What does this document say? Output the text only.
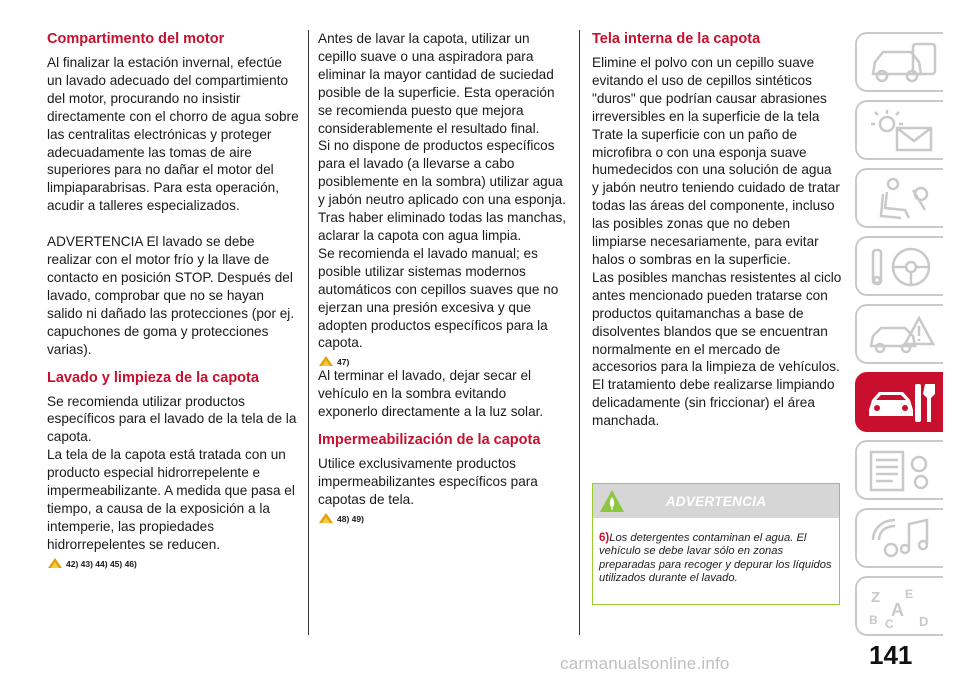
Compartimento del motor

Al finalizar la estación invernal, efectúe un lavado adecuado del compartimiento del motor, procurando no insistir directamente con el chorro de agua sobre las centralitas electrónicas y proteger adecuadamente las tomas de aire superiores para no dañar el motor del limpiaparabrisas. Para esta operación, acudir a talleres especializados.

ADVERTENCIA El lavado se debe realizar con el motor frío y la llave de contacto en posición STOP. Después del lavado, comprobar que no se hayan salido ni dañado las protecciones (por ej. capuchones de goma y protecciones varias).

Lavado y limpieza de la capota

Se recomienda utilizar productos específicos para el lavado de la tela de la capota.

La tela de la capota está tratada con un producto especial hidrorrepelente e impermeabilizante. A medida que pasa el tiempo, a causa de la exposición a la intemperie, las propiedades hidrorrepelentes se reducen.

42) 43) 44) 45) 46)

Antes de lavar la capota, utilizar un cepillo suave o una aspiradora para eliminar la mayor cantidad de suciedad posible de la superficie. Esta operación se recomienda puesto que mejora considerablemente el resultado final.

Si no dispone de productos específicos para el lavado (a llevarse a cabo posiblemente en la sombra) utilizar agua y jabón neutro aplicado con una esponja.

Tras haber eliminado todas las manchas, aclarar la capota con agua limpia.

Se recomienda el lavado manual; es posible utilizar sistemas modernos automáticos con cepillos suaves que no ejerzan una presión excesiva y que adopten productos específicos para la capota.

47)

Al terminar el lavado, dejar secar el vehículo en la sombra evitando exponerlo directamente a la luz solar.

Impermeabilización de la capota

Utilice exclusivamente productos impermeabilizantes específicos para capotas de tela.

48) 49)
Tela interna de la capota

Elimine el polvo con un cepillo suave evitando el uso de cepillos sintéticos "duros" que podrían causar abrasiones irreversibles en la superficie de la tela

Trate la superficie con un paño de microfibra o con una esponja suave humedecidos con una solución de agua y jabón neutro teniendo cuidado de tratar todas las áreas del componente, incluso las posibles zonas que no deben limpiarse necesariamente, para evitar halos o sombras en la superficie.

Las posibles manchas resistentes al ciclo antes mencionado pueden tratarse con productos quitamanchas a base de disolventes blandos que se encuentran normalmente en el mercado de accesorios para la limpieza de vehículos. El tratamiento debe realizarse limpiando delicadamente (sin friccionar) el área manchada.

ADVERTENCIA
6)Los detergentes contaminan el agua. El vehículo se debe lavar sólo en zonas preparadas para recoger y depurar los líquidos utilizados durante el lavado.
Z E
A
B C D
141
carmanualsonline.info
